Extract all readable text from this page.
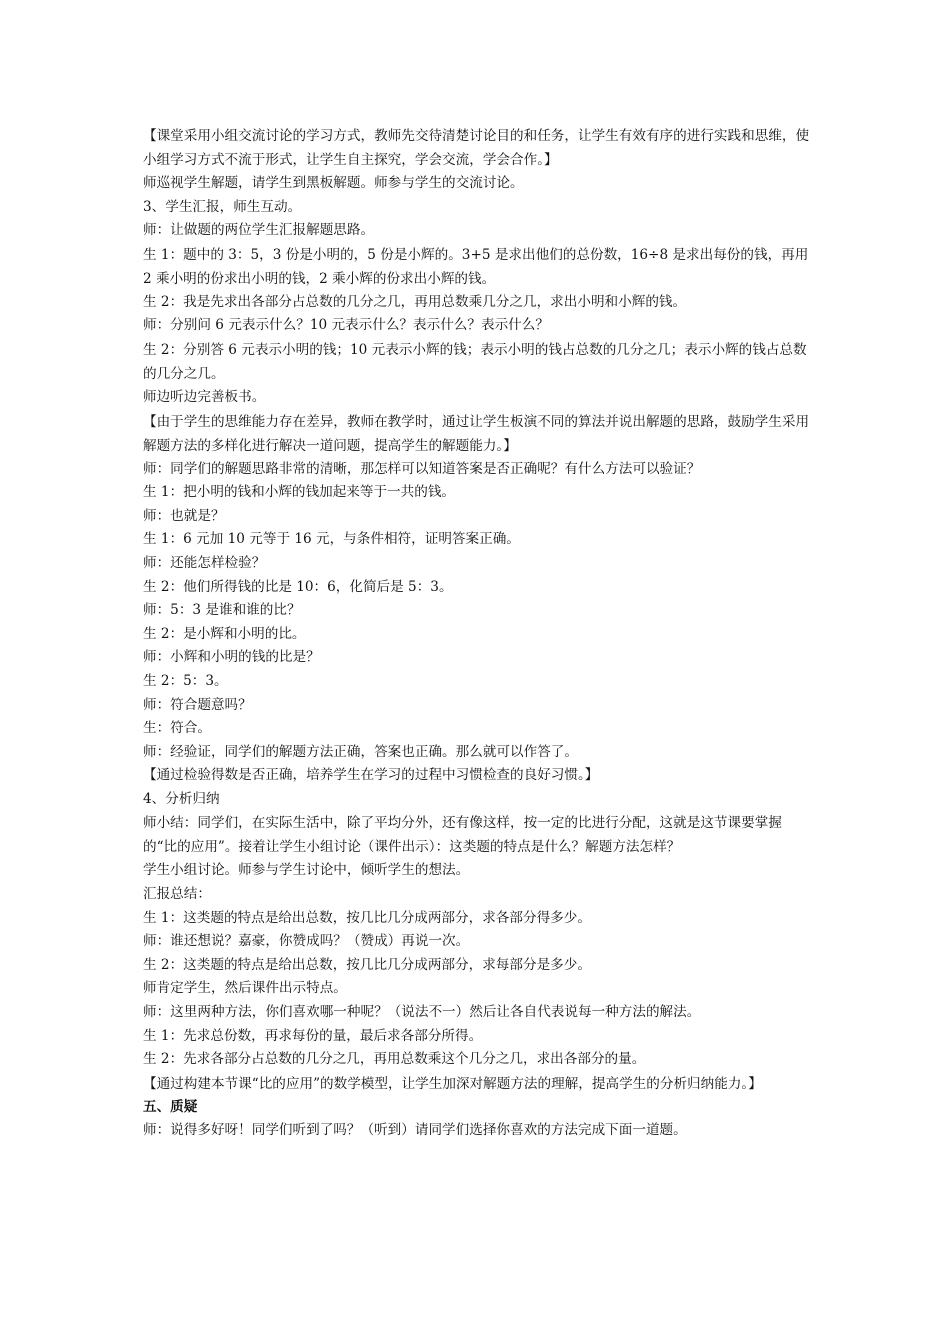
【课堂采用小组交流讨论的学习方式，教师先交待清楚讨论目的和任务，让学生有效有序的进行实践和思维，使小组学习方式不流于形式，让学生自主探究，学会交流，学会合作。】

师巡视学生解题，请学生到黑板解题。师参与学生的交流讨论。

3、学生汇报，师生互动。

师：让做题的两位学生汇报解题思路。

生 1：题中的 3：5，3 份是小明的，5 份是小辉的。3+5 是求出他们的总份数，16÷8 是求出每份的钱，再用 2 乘小明的份求出小明的钱，2 乘小辉的份求出小辉的钱。

生 2：我是先求出各部分占总数的几分之几，再用总数乘几分之几，求出小明和小辉的钱。

师：分别问 6 元表示什么？10 元表示什么？表示什么？表示什么？

生 2：分别答 6 元表示小明的钱；10 元表示小辉的钱；表示小明的钱占总数的几分之几；表示小辉的钱占总数的几分之几。

师边听边完善板书。

【由于学生的思维能力存在差异，教师在教学时，通过让学生板演不同的算法并说出解题的思路，鼓励学生采用解题方法的多样化进行解决一道问题，提高学生的解题能力。】

师：同学们的解题思路非常的清晰，那怎样可以知道答案是否正确呢？有什么方法可以验证？

生 1：把小明的钱和小辉的钱加起来等于一共的钱。

师：也就是？

生 1：6 元加 10 元等于 16 元，与条件相符，证明答案正确。

师：还能怎样检验？

生 2：他们所得钱的比是 10：6，化简后是 5：3。

师：5：3 是谁和谁的比？

生 2：是小辉和小明的比。

师：小辉和小明的钱的比是？

生 2：5：3。

师：符合题意吗？

生：符合。

师：经验证，同学们的解题方法正确，答案也正确。那么就可以作答了。

【通过检验得数是否正确，培养学生在学习的过程中习惯检查的良好习惯。】

4、分析归纳

师小结：同学们，在实际生活中，除了平均分外，还有像这样，按一定的比进行分配，这就是这节课要掌握的“比的应用”。接着让学生小组讨论（课件出示）：这类题的特点是什么？解题方法怎样？

学生小组讨论。师参与学生讨论中，倾听学生的想法。

汇报总结：

生 1：这类题的特点是给出总数，按几比几分成两部分，求各部分得多少。

师：谁还想说？嘉豪，你赞成吗？（赞成）再说一次。

生 2：这类题的特点是给出总数，按几比几分成两部分，求每部分是多少。

师肯定学生，然后课件出示特点。

师：这里两种方法，你们喜欢哪一种呢？（说法不一）然后让各自代表说每一种方法的解法。

生 1：先求总份数，再求每份的量，最后求各部分所得。

生 2：先求各部分占总数的几分之几，再用总数乘这个几分之几，求出各部分的量。

【通过构建本节课“比的应用”的数学模型，让学生加深对解题方法的理解，提高学生的分析归纳能力。】

五、质疑

师：说得多好呀！同学们听到了吗？（听到）请同学们选择你喜欢的方法完成下面一道题。
